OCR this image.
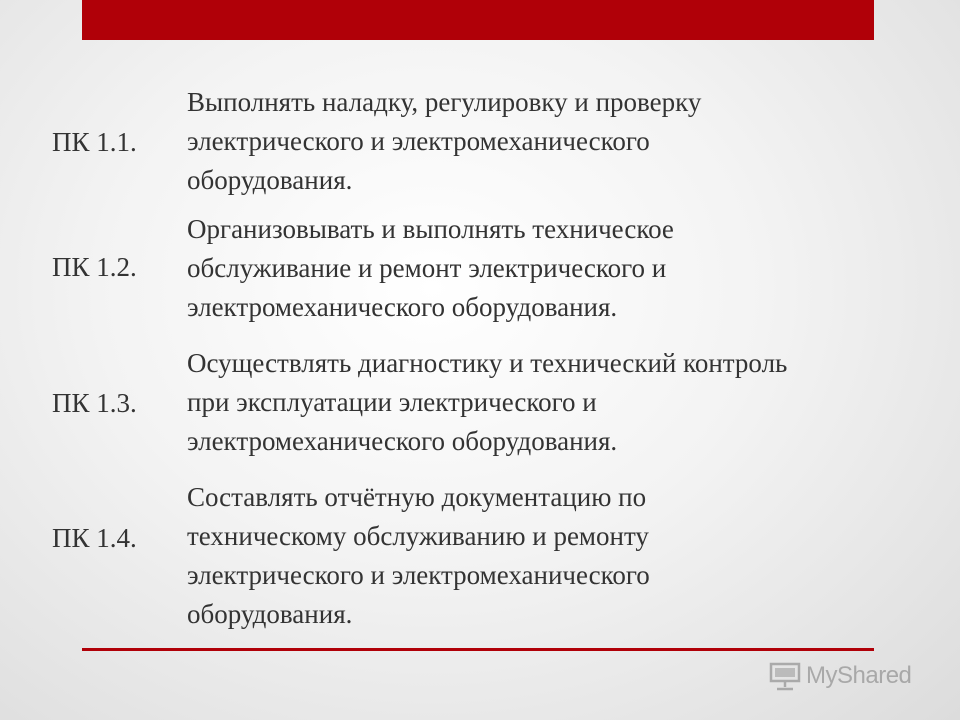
ПК 1.1.
Выполнять наладку, регулировку и проверку
электрического и электромеханического
оборудования.
ПК 1.2.
Организовывать и выполнять техническое
обслуживание и ремонт электрического и
электромеханического оборудования.
ПК 1.3.
Осуществлять диагностику и технический контроль
при эксплуатации электрического и
электромеханического оборудования.
ПК 1.4.
Составлять отчётную документацию по
техническому обслуживанию и ремонту
электрического и электромеханического
оборудования.
MyShared
